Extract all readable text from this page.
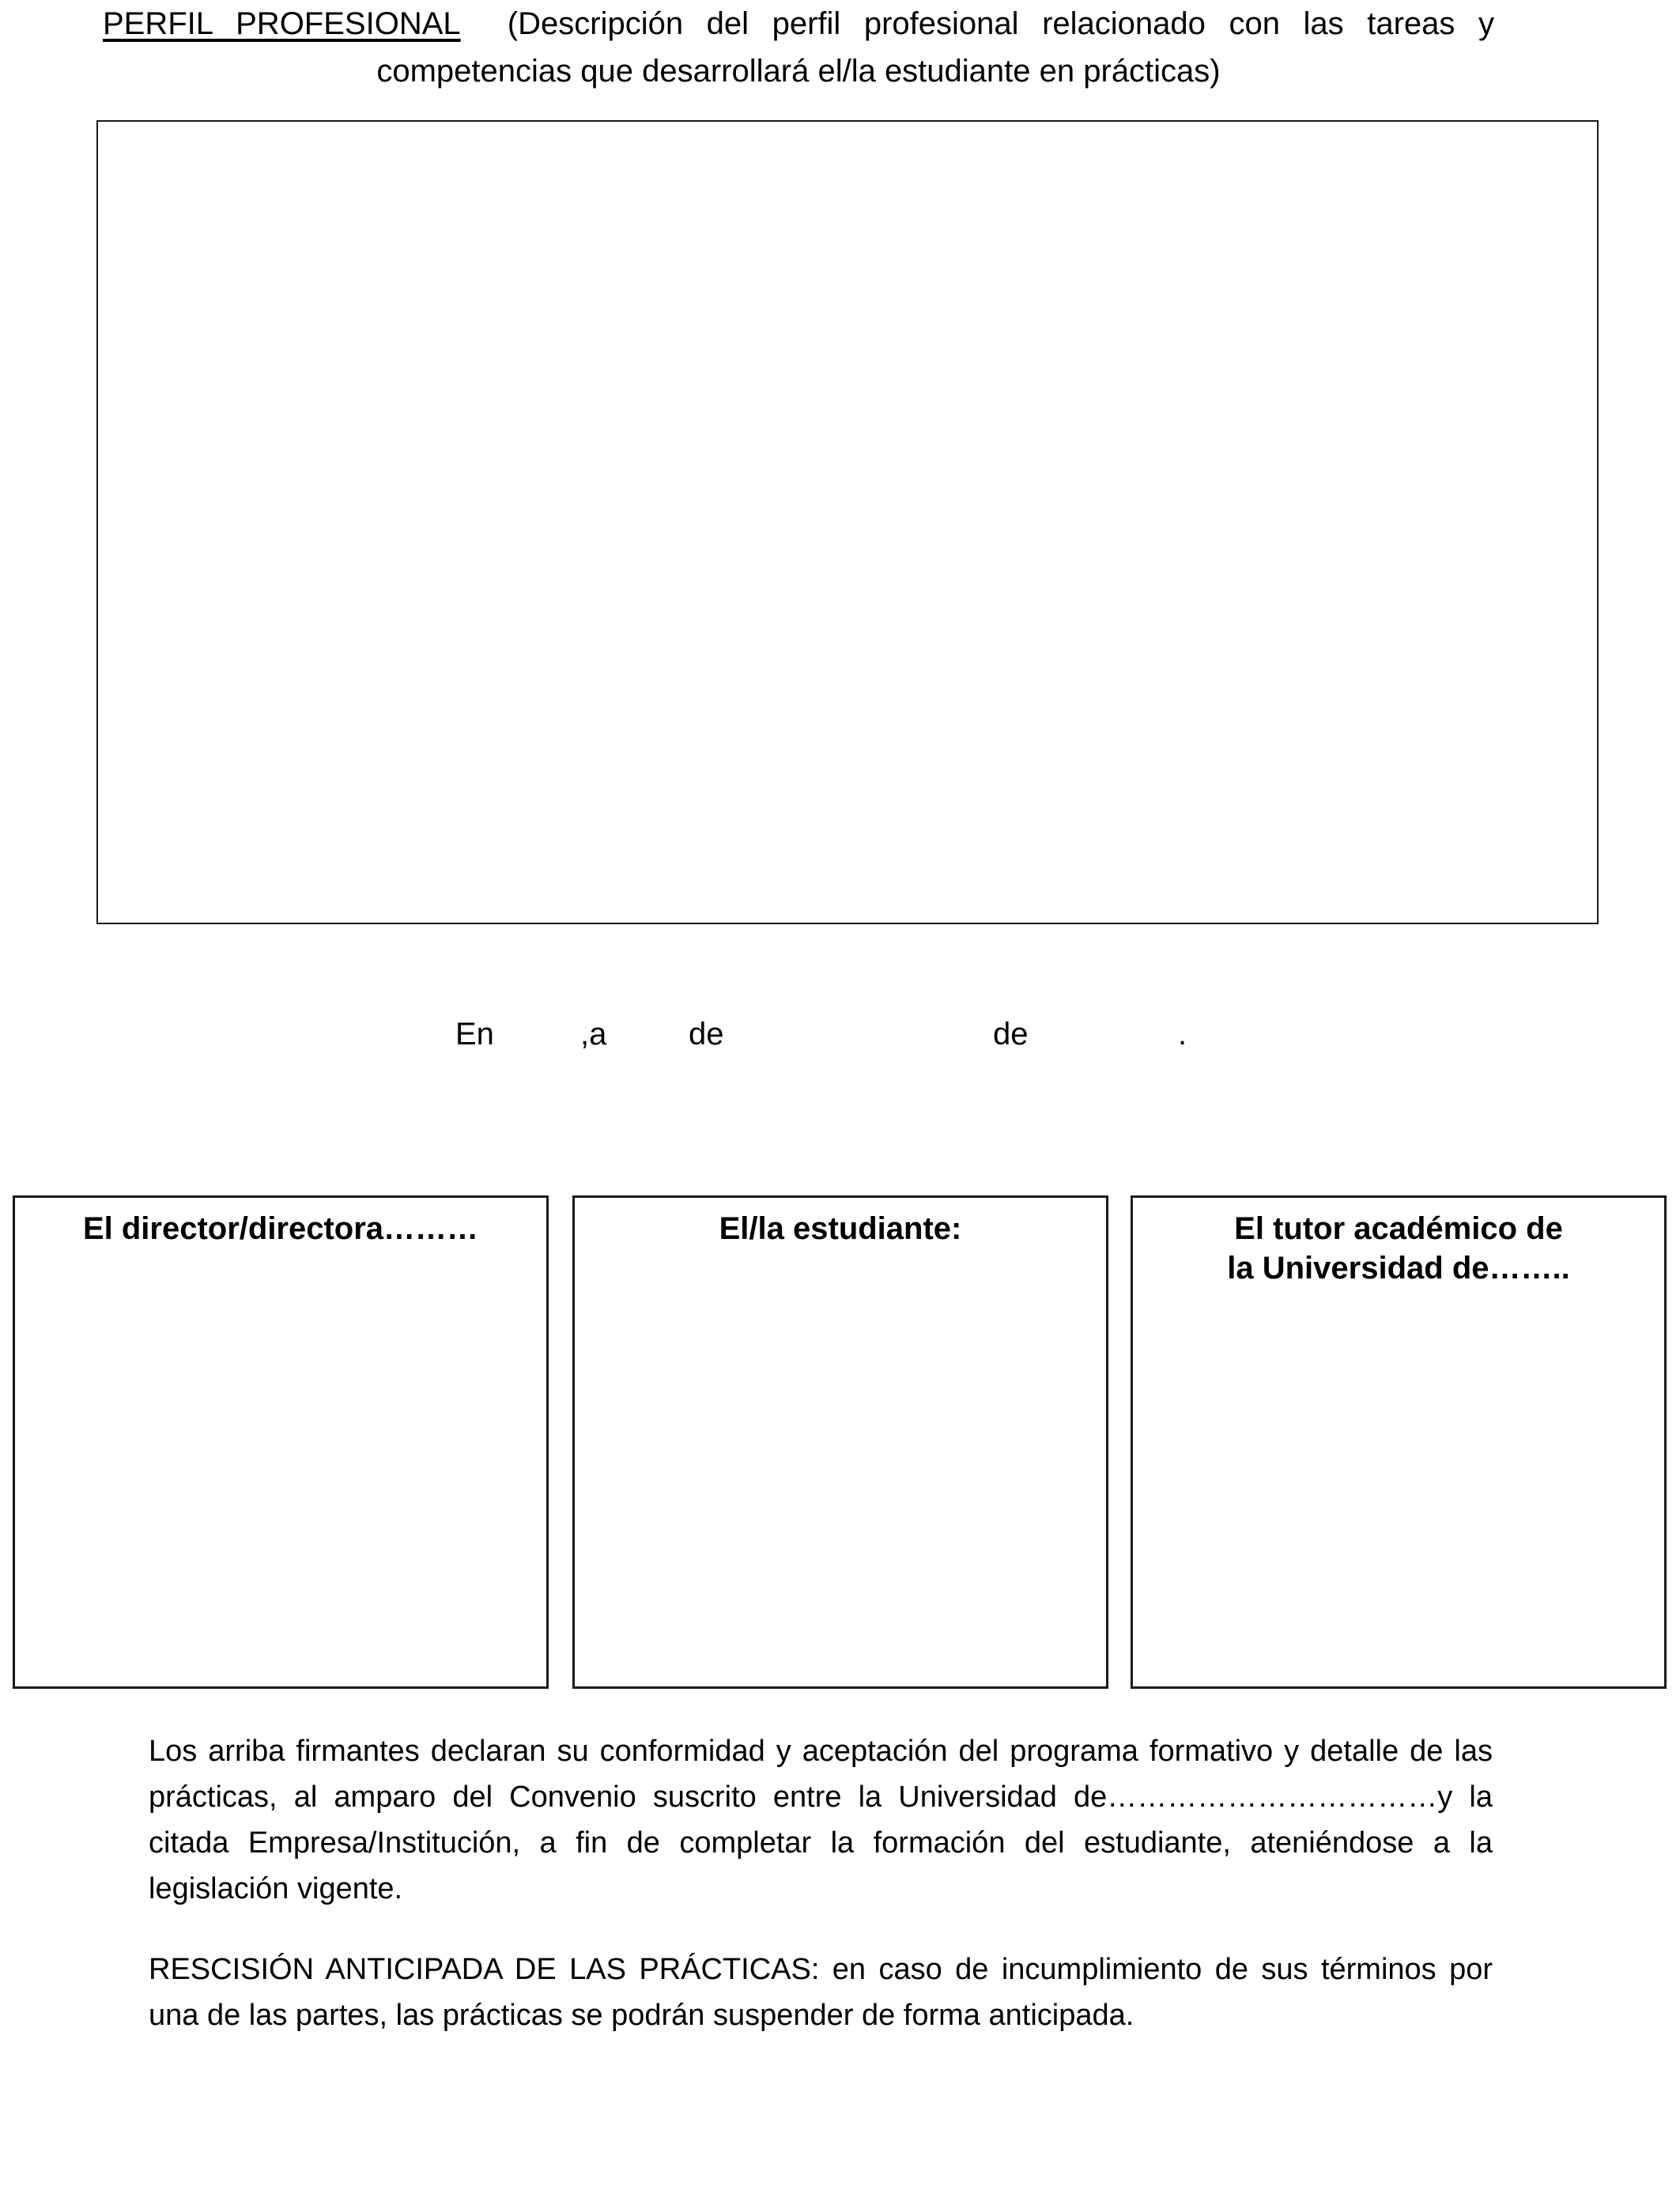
PERFIL PROFESIONAL (Descripción del perfil profesional relacionado con las tareas y competencias que desarrollará el/la estudiante en prácticas)
En	,a	de	de	.
El director/directora………	El/la estudiante:	El tutor académico de la Universidad de……..
Los arriba firmantes declaran su conformidad y aceptación del programa formativo y detalle de las prácticas, al amparo del Convenio suscrito entre la Universidad de……………………………y la citada Empresa/Institución, a fin de completar la formación del estudiante, ateniéndose a la legislación vigente.
RESCISIÓN ANTICIPADA DE LAS PRÁCTICAS: en caso de incumplimiento de sus términos por una de las partes, las prácticas se podrán suspender de forma anticipada.
